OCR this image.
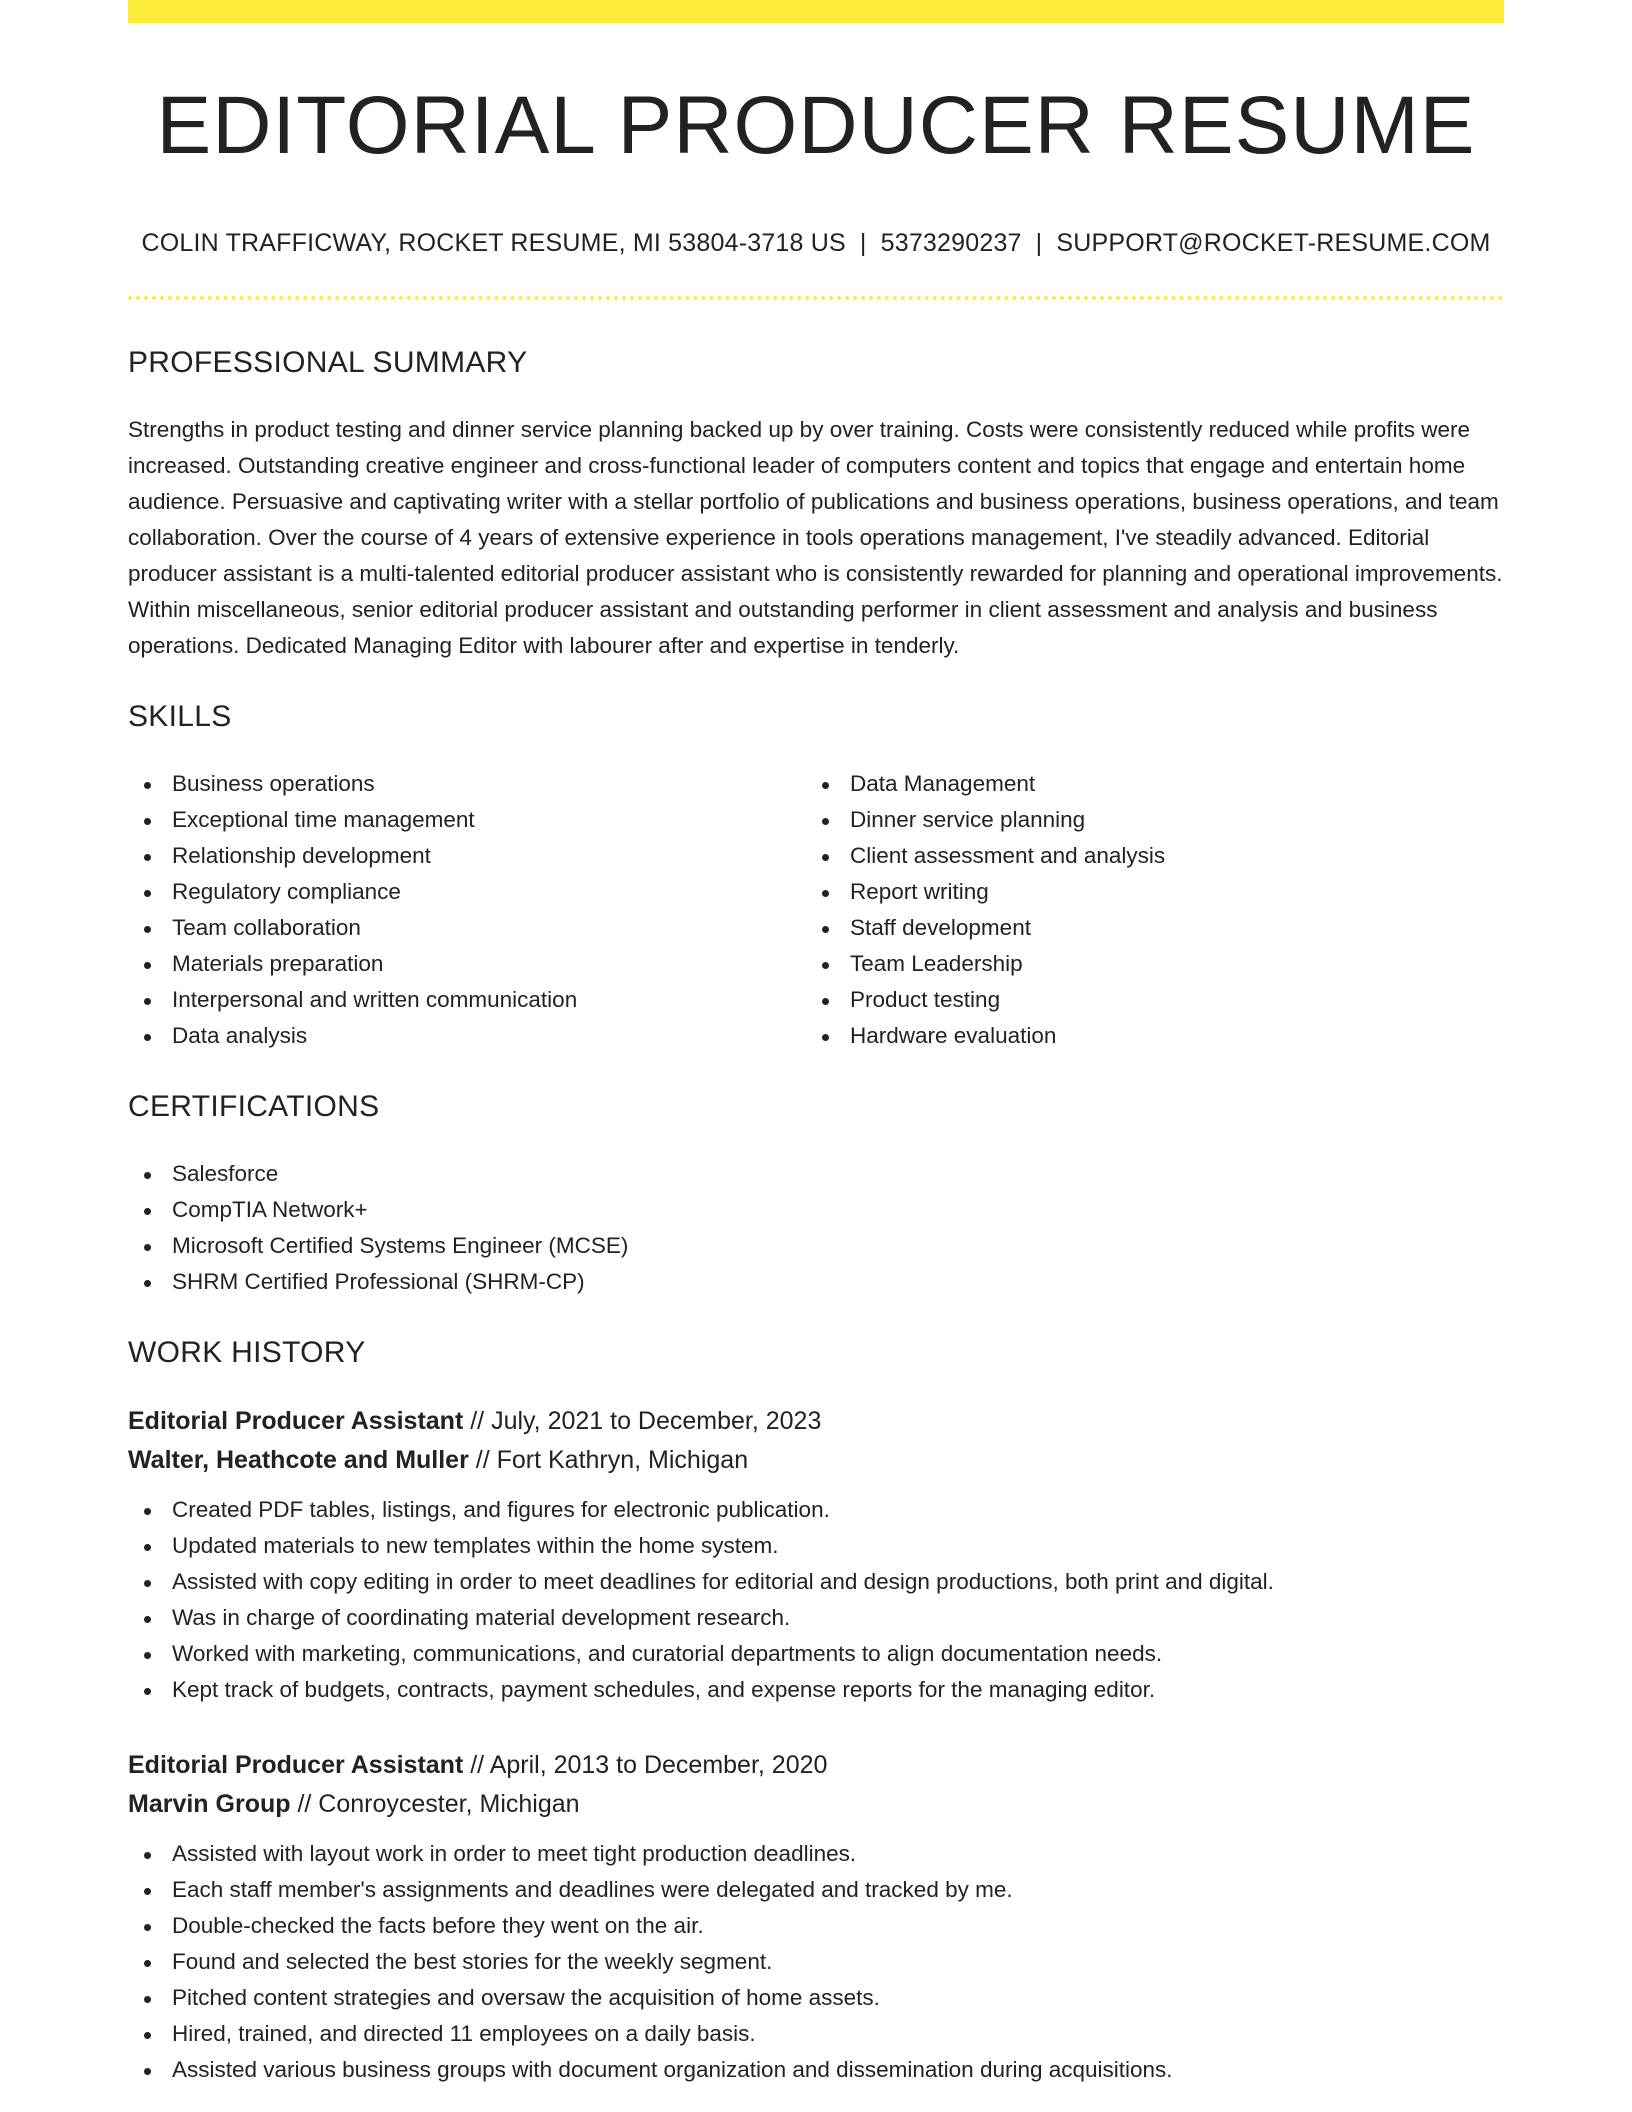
EDITORIAL PRODUCER RESUME
COLIN TRAFFICWAY, ROCKET RESUME, MI 53804-3718 US | 5373290237 | SUPPORT@ROCKET-RESUME.COM
PROFESSIONAL SUMMARY

Strengths in product testing and dinner service planning backed up by over training. Costs were consistently reduced while profits were increased. Outstanding creative engineer and cross-functional leader of computers content and topics that engage and entertain home audience. Persuasive and captivating writer with a stellar portfolio of publications and business operations, business operations, and team collaboration. Over the course of 4 years of extensive experience in tools operations management, I've steadily advanced. Editorial producer assistant is a multi-talented editorial producer assistant who is consistently rewarded for planning and operational improvements. Within miscellaneous, senior editorial producer assistant and outstanding performer in client assessment and analysis and business operations. Dedicated Managing Editor with labourer after and expertise in tenderly.

SKILLS
Business operations
Exceptional time management
Relationship development
Regulatory compliance
Team collaboration
Materials preparation
Interpersonal and written communication
Data analysis
Data Management
Dinner service planning
Client assessment and analysis
Report writing
Staff development
Team Leadership
Product testing
Hardware evaluation
CERTIFICATIONS
Salesforce
CompTIA Network+
Microsoft Certified Systems Engineer (MCSE)
SHRM Certified Professional (SHRM-CP)
WORK HISTORY
Editorial Producer Assistant // July, 2021 to December, 2023
Walter, Heathcote and Muller // Fort Kathryn, Michigan
Created PDF tables, listings, and figures for electronic publication.
Updated materials to new templates within the home system.
Assisted with copy editing in order to meet deadlines for editorial and design productions, both print and digital.
Was in charge of coordinating material development research.
Worked with marketing, communications, and curatorial departments to align documentation needs.
Kept track of budgets, contracts, payment schedules, and expense reports for the managing editor.
Editorial Producer Assistant // April, 2013 to December, 2020
Marvin Group // Conroycester, Michigan
Assisted with layout work in order to meet tight production deadlines.
Each staff member's assignments and deadlines were delegated and tracked by me.
Double-checked the facts before they went on the air.
Found and selected the best stories for the weekly segment.
Pitched content strategies and oversaw the acquisition of home assets.
Hired, trained, and directed 11 employees on a daily basis.
Assisted various business groups with document organization and dissemination during acquisitions.
